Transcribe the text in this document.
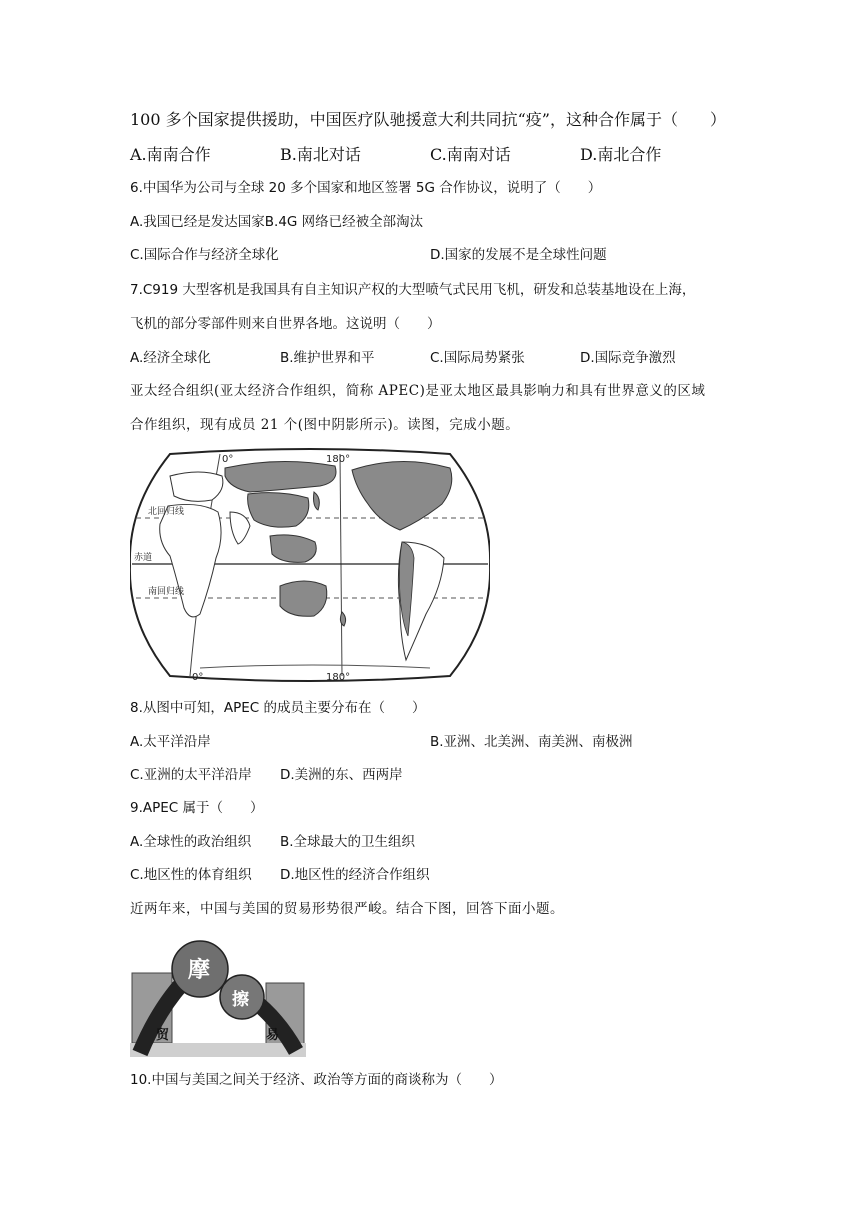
100 多个国家提供援助，中国医疗队驰援意大利共同抗“疫”，这种合作属于（　　）
A.南南合作	B.南北对话	C.南南对话	D.南北合作
6.中国华为公司与全球 20 多个国家和地区签署 5G 合作协议，说明了（　　）
A.我国已经是发达国家B.4G 网络已经被全部淘汰
C.国际合作与经济全球化	D.国家的发展不是全球性问题
7.C919 大型客机是我国具有自主知识产权的大型喷气式民用飞机，研发和总装基地设在上海，
飞机的部分零部件则来自世界各地。这说明（　　）
A.经济全球化	B.维护世界和平	C.国际局势紧张	D.国际竞争激烈
亚太经合组织(亚太经济合作组织，简称 APEC)是亚太地区最具影响力和具有世界意义的区域
合作组织，现有成员 21 个(图中阴影所示)。读图，完成小题。
0°	180°
180°
0°
北回归线
赤道
南回归线
8.从图中可知，APEC 的成员主要分布在（　　）
A.太平洋沿岸	B.亚洲、北美洲、南美洲、南极洲
C.亚洲的太平洋沿岸 D.美洲的东、西两岸
9.APEC 属于（　　）
A.全球性的政治组织 B.全球最大的卫生组织
C.地区性的体育组织 D.地区性的经济合作组织
近两年来，中国与美国的贸易形势很严峻。结合下图，回答下面小题。
摩
擦
贸	易
10.中国与美国之间关于经济、政治等方面的商谈称为（　　）
